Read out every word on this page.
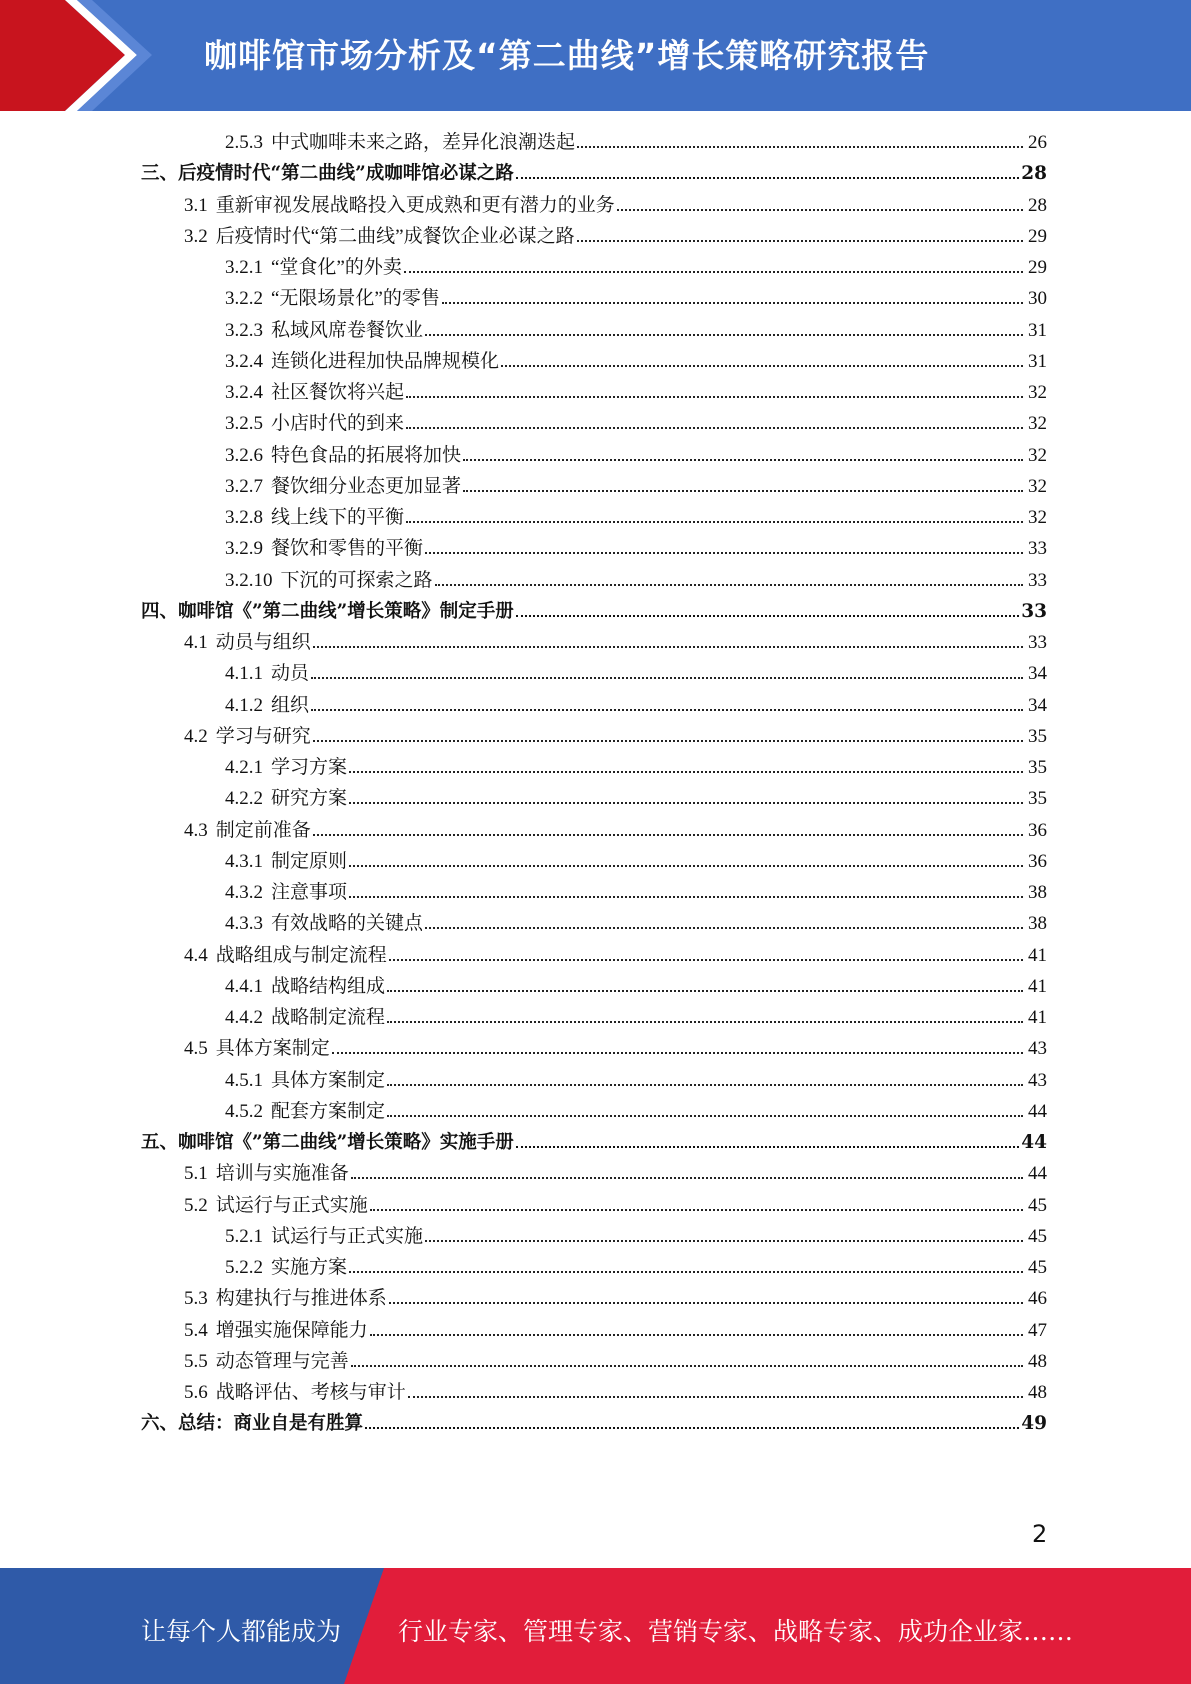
咖啡馆市场分析及“第二曲线”增长策略研究报告
2.5.3 中式咖啡未来之路，差异化浪潮迭起	26
三、后疫情时代“第二曲线”成咖啡馆必谋之路	28
3.1 重新审视发展战略投入更成熟和更有潜力的业务	28
3.2 后疫情时代“第二曲线”成餐饮企业必谋之路	29
3.2.1 “堂食化”的外卖	29
3.2.2 “无限场景化”的零售	30
3.2.3 私域风席卷餐饮业	31
3.2.4 连锁化进程加快品牌规模化	31
3.2.4 社区餐饮将兴起	32
3.2.5 小店时代的到来	32
3.2.6 特色食品的拓展将加快	32
3.2.7 餐饮细分业态更加显著	32
3.2.8 线上线下的平衡	32
3.2.9 餐饮和零售的平衡	33
3.2.10 下沉的可探索之路	33
四、咖啡馆《”第二曲线”增长策略》制定手册	33
4.1 动员与组织	33
4.1.1 动员	34
4.1.2 组织	34
4.2 学习与研究	35
4.2.1 学习方案	35
4.2.2 研究方案	35
4.3 制定前准备	36
4.3.1 制定原则	36
4.3.2 注意事项	38
4.3.3 有效战略的关键点	38
4.4 战略组成与制定流程	41
4.4.1 战略结构组成	41
4.4.2 战略制定流程	41
4.5 具体方案制定	43
4.5.1 具体方案制定	43
4.5.2 配套方案制定	44
五、咖啡馆《”第二曲线”增长策略》实施手册	44
5.1 培训与实施准备	44
5.2 试运行与正式实施	45
5.2.1 试运行与正式实施	45
5.2.2 实施方案	45
5.3 构建执行与推进体系	46
5.4 增强实施保障能力	47
5.5 动态管理与完善	48
5.6 战略评估、考核与审计	48
六、总结：商业自是有胜算	49
2
让每个人都能成为 行业专家、管理专家、营销专家、战略专家、成功企业家……
